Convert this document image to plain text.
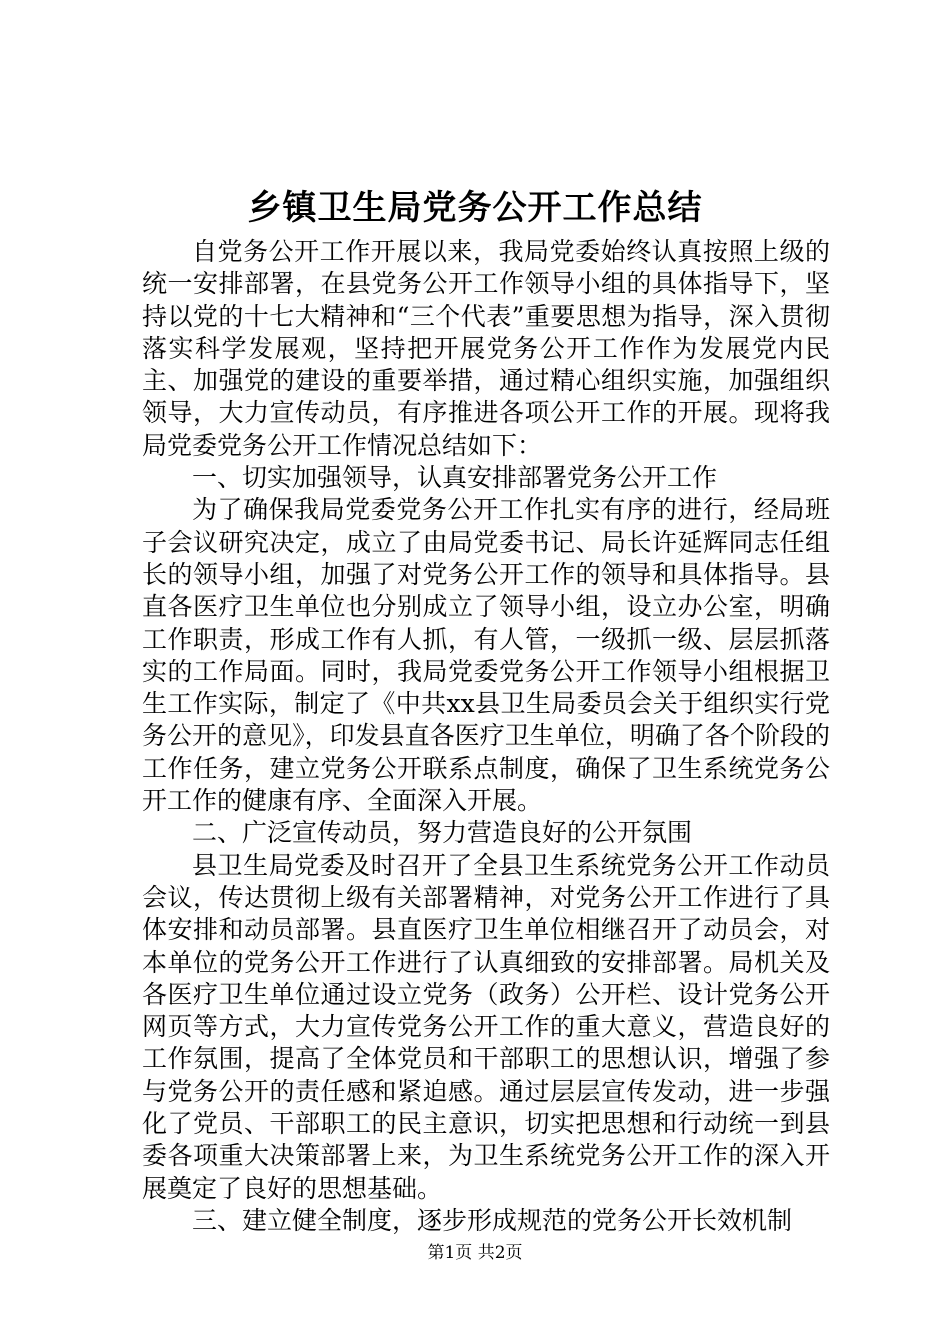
乡镇卫生局党务公开工作总结

自党务公开工作开展以来，我局党委始终认真按照上级的统一安排部署，在县党务公开工作领导小组的具体指导下，坚持以党的十七大精神和“三个代表”重要思想为指导，深入贯彻落实科学发展观，坚持把开展党务公开工作作为发展党内民主、加强党的建设的重要举措，通过精心组织实施，加强组织领导，大力宣传动员，有序推进各项公开工作的开展。现将我局党委党务公开工作情况总结如下：

一、切实加强领导，认真安排部署党务公开工作

为了确保我局党委党务公开工作扎实有序的进行，经局班子会议研究决定，成立了由局党委书记、局长许延辉同志任组长的领导小组，加强了对党务公开工作的领导和具体指导。县直各医疗卫生单位也分别成立了领导小组，设立办公室，明确工作职责，形成工作有人抓，有人管，一级抓一级、层层抓落实的工作局面。同时，我局党委党务公开工作领导小组根据卫生工作实际，制定了《中共xx县卫生局委员会关于组织实行党务公开的意见》，印发县直各医疗卫生单位，明确了各个阶段的工作任务，建立党务公开联系点制度，确保了卫生系统党务公开工作的健康有序、全面深入开展。

二、广泛宣传动员，努力营造良好的公开氛围

县卫生局党委及时召开了全县卫生系统党务公开工作动员会议，传达贯彻上级有关部署精神，对党务公开工作进行了具体安排和动员部署。县直医疗卫生单位相继召开了动员会，对本单位的党务公开工作进行了认真细致的安排部署。局机关及各医疗卫生单位通过设立党务（政务）公开栏、设计党务公开网页等方式，大力宣传党务公开工作的重大意义，营造良好的工作氛围，提高了全体党员和干部职工的思想认识，增强了参与党务公开的责任感和紧迫感。通过层层宣传发动，进一步强化了党员、干部职工的民主意识，切实把思想和行动统一到县委各项重大决策部署上来，为卫生系统党务公开工作的深入开展奠定了良好的思想基础。

三、建立健全制度，逐步形成规范的党务公开长效机制

第1页 共2页
